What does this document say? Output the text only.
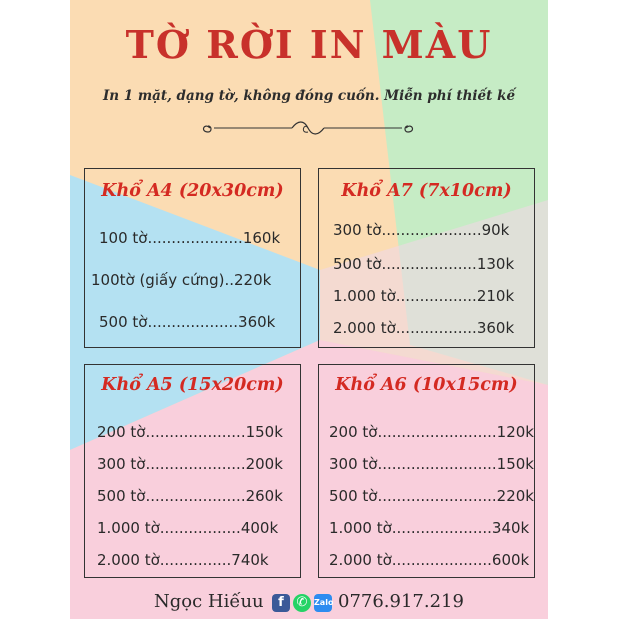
TỜ RỜI IN MÀU

In 1 mặt, dạng tờ, không đóng cuốn. Miễn phí thiết kế

Khổ A4 (20x30cm)
100 tờ....................160k
100tờ (giấy cứng)..220k
500 tờ...................360k
Khổ A7 (7x10cm)
300 tờ.....................90k
500 tờ....................130k
1.000 tờ.................210k
2.000 tờ.................360k
Khổ A5 (15x20cm)
200 tờ.....................150k
300 tờ.....................200k
500 tờ.....................260k
1.000 tờ.................400k
2.000 tờ...............740k
Khổ A6 (10x15cm)
200 tờ.........................120k
300 tờ.........................150k
500 tờ.........................220k
1.000 tờ.....................340k
2.000 tờ.....................600k
Ngọc Hiếuu	f ✆ Zalo 0776.917.219
